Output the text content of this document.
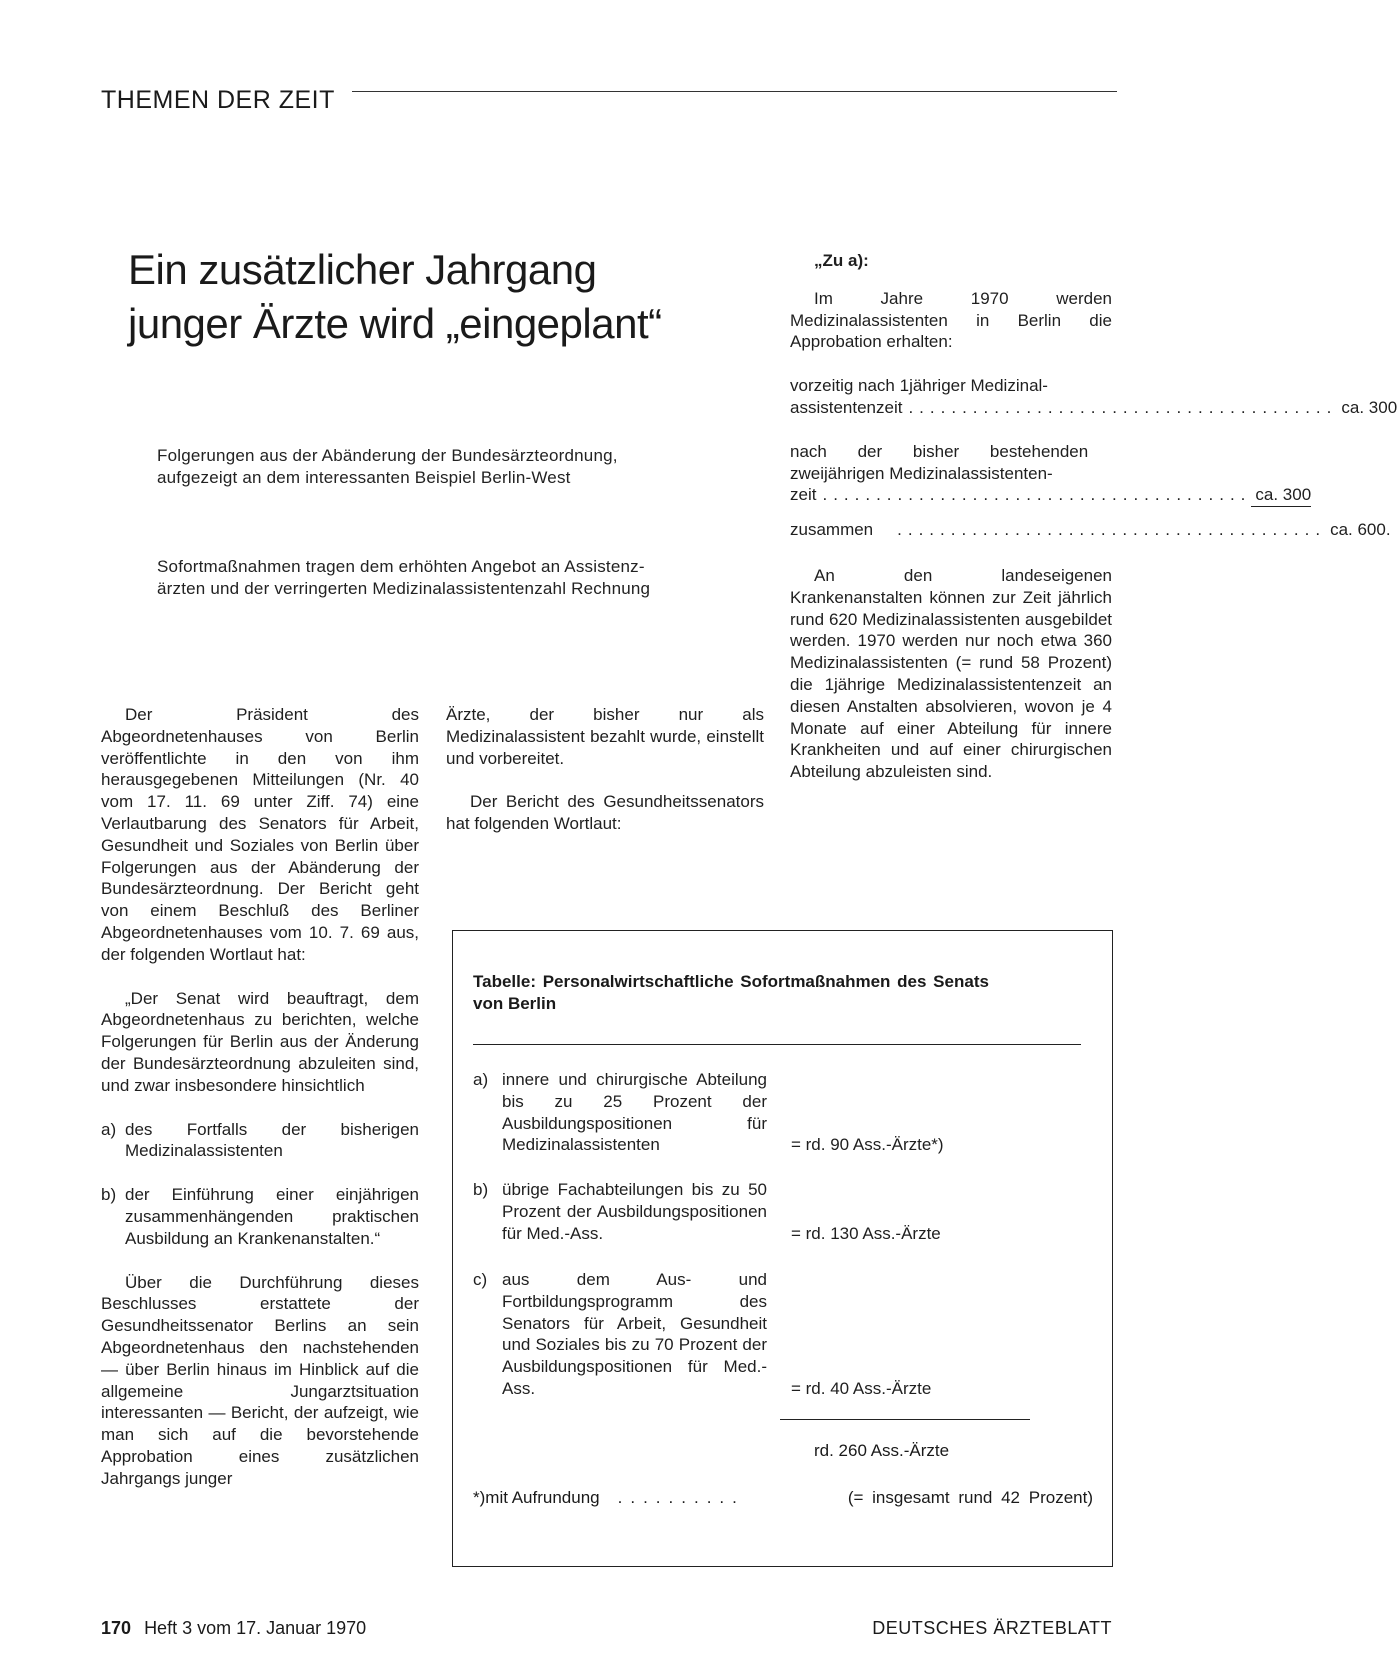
THEMEN DER ZEIT
Ein zusätzlicher Jahrgang
junger Ärzte wird „eingeplant“
Folgerungen aus der Abänderung der Bundesärzteordnung,
aufgezeigt an dem interessanten Beispiel Berlin-West
Sofortmaßnahmen tragen dem erhöhten Angebot an Assistenz-
ärzten und der verringerten Medizinalassistentenzahl Rechnung

Der Präsident des Abgeordnetenhauses von Berlin veröffentlichte in den von ihm herausgegebenen Mitteilungen (Nr. 40 vom 17. 11. 69 unter Ziff. 74) eine Verlautbarung des Senators für Arbeit, Gesundheit und Soziales von Berlin über Folgerungen aus der Abänderung der Bundesärzteordnung. Der Bericht geht von einem Beschluß des Berliner Abgeordnetenhauses vom 10. 7. 69 aus, der folgenden Wortlaut hat:

„Der Senat wird beauftragt, dem Abgeordnetenhaus zu berichten, welche Folgerungen für Berlin aus der Änderung der Bundesärzteordnung abzuleiten sind, und zwar insbesondere hinsichtlich

a) des Fortfalls der bisherigen Medizinalassistenten
b) der Einführung einer einjährigen zusammenhängenden praktischen Ausbildung an Krankenanstalten.“

Über die Durchführung dieses Beschlusses erstattete der Gesundheitssenator Berlins an sein Abgeordnetenhaus den nachstehenden — über Berlin hinaus im Hinblick auf die allgemeine Jungarztsituation interessanten — Bericht, der aufzeigt, wie man sich auf die bevorstehende Approbation eines zusätzlichen Jahrgangs junger

Ärzte, der bisher nur als Medizinalassistent bezahlt wurde, einstellt und vorbereitet.

Der Bericht des Gesundheitssenators hat folgenden Wortlaut:

„Zu a):

Im Jahre 1970 werden Medizinalassistenten in Berlin die Approbation erhalten:

vorzeitig nach 1jähriger Medizinal-
assistentenzeit ........................................ ca. 300
nach der bisher bestehenden
zweijährigen Medizinalassistenten-
zeit ........................................ ca. 300
zusammen	........................................ ca. 600.

An den landeseigenen Krankenanstalten können zur Zeit jährlich rund 620 Medizinalassistenten ausgebildet werden. 1970 werden nur noch etwa 360 Medizinalassistenten (= rund 58 Prozent) die 1jährige Medizinalassistentenzeit an diesen Anstalten absolvieren, wovon je 4 Monate auf einer Abteilung für innere Krankheiten und auf einer chirurgischen Abteilung abzuleisten sind.

Tabelle: Personalwirtschaftliche Sofortmaßnahmen des Senats
von Berlin
a) innere und chirurgische Abteilung bis zu 25 Prozent der Ausbildungspositionen für Medizinalassistenten	= rd. 90 Ass.-Ärzte*)
b) übrige Fachabteilungen bis zu 50 Prozent der Ausbildungspositionen für Med.-Ass.	= rd. 130 Ass.-Ärzte
c) aus dem Aus- und Fortbildungsprogramm des Senators für Arbeit, Gesundheit und Soziales bis zu 70 Prozent der Ausbildungspositionen für Med.-Ass.	= rd. 40 Ass.-Ärzte
rd. 260 Ass.-Ärzte
*)mit Aufrundung	..........	(= insgesamt rund 42 Prozent)
170 Heft 3 vom 17. Januar 1970	DEUTSCHES ÄRZTEBLATT
